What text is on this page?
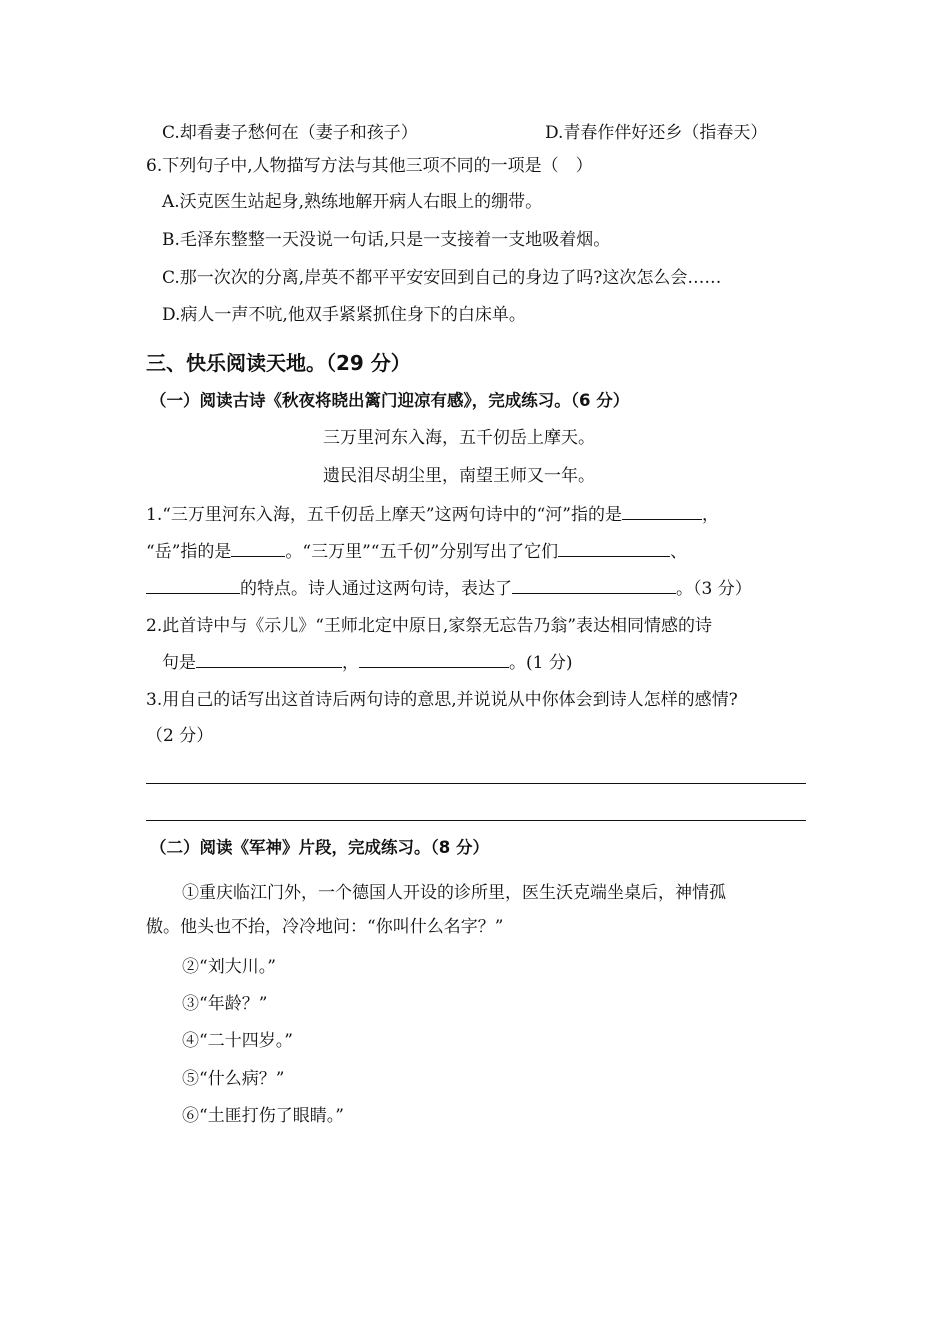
C.却看妻子愁何在（妻子和孩子）	D.青春作伴好还乡（指春天）
6.下列句子中,人物描写方法与其他三项不同的一项是（　）
A.沃克医生站起身,熟练地解开病人右眼上的绷带。
B.毛泽东整整一天没说一句话,只是一支接着一支地吸着烟。
C.那一次次的分离,岸英不都平平安安回到自己的身边了吗?这次怎么会……
D.病人一声不吭,他双手紧紧抓住身下的白床单。
三、快乐阅读天地。（29 分）
（一）阅读古诗《秋夜将晓出篱门迎凉有感》，完成练习。（6 分）
三万里河东入海，五千仞岳上摩天。
遗民泪尽胡尘里，南望王师又一年。
1.“三万里河东入海，五千仞岳上摩天”这两句诗中的“河”指的是	，
“岳”指的是	。“三万里”“五千仞”分别写出了它们	、
的特点。诗人通过这两句诗，表达了	。（3 分）
2.此首诗中与《示儿》“王师北定中原日,家祭无忘告乃翁”表达相同情感的诗
句是	，	。(1 分)
3.用自己的话写出这首诗后两句诗的意思,并说说从中你体会到诗人怎样的感情?
（2 分）
（二）阅读《军神》片段，完成练习。（8 分）
①重庆临江门外，一个德国人开设的诊所里，医生沃克端坐桌后，神情孤
傲。他头也不抬，冷冷地问：“你叫什么名字？”
②“刘大川。”
③“年龄？”
④“二十四岁。”
⑤“什么病？”
⑥“土匪打伤了眼睛。”
